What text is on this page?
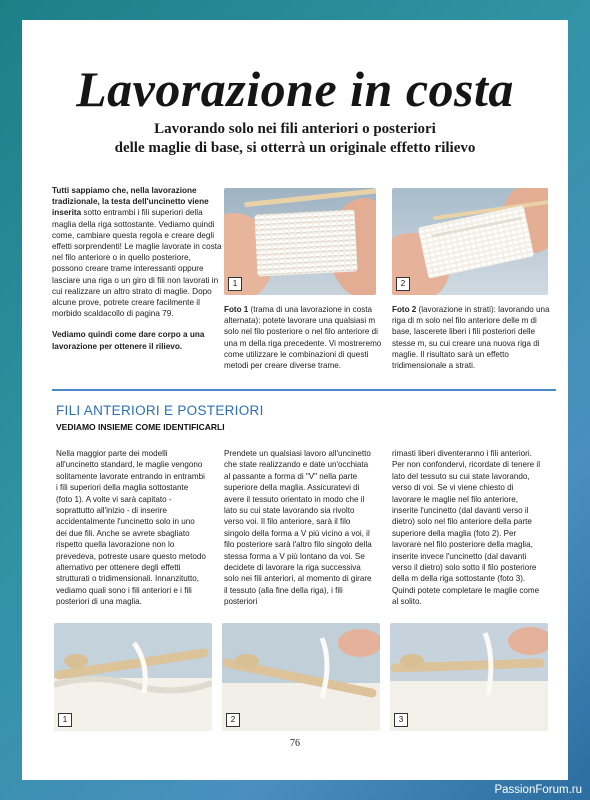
Lavorazione in costa
Lavorando solo nei fili anteriori o posteriori
delle maglie di base, si otterrà un originale effetto rilievo

Tutti sappiamo che, nella lavorazione tradizionale, la testa dell'uncinetto viene inserita sotto entrambi i fili superiori della maglia della riga sottostante. Vediamo quindi come, cambiare questa regola e creare degli effetti sorprendenti! Le maglie lavorate in costa nel filo anteriore o in quello posteriore, possono creare trame interessanti oppure lasciare una riga o un giro di fili non lavorati in cui realizzare un altro strato di maglie. Dopo alcune prove, potrete creare facilmente il morbido scaldacollo di pagina 79.

Vediamo quindi come dare corpo a una lavorazione per ottenere il rilievo.

1	2
Foto 1 (trama di una lavorazione in costa alternata): potete lavorare una qualsiasi m solo nel filo posteriore o nel filo anteriore di una m della riga precedente. Vi mostreremo come utilizzare le combinazioni di questi metodi per creare diverse trame.
Foto 2 (lavorazione in strati): lavorando una riga di m solo nel filo anteriore delle m di base, lascerete liberi i fili posteriori delle stesse m, su cui creare una nuova riga di maglie. Il risultato sarà un effetto tridimensionale a strati.
FILI ANTERIORI E POSTERIORI
VEDIAMO INSIEME COME IDENTIFICARLI

Nella maggior parte dei modelli all'uncinetto standard, le maglie vengono solitamente lavorate entrando in entrambi i fili superiori della maglia sottostante (foto 1). A volte vi sarà capitato - soprattutto all'inizio - di inserire accidentalmente l'uncinetto solo in uno dei due fili. Anche se avrete sbagliato rispetto quella lavorazione non lo prevedeva, potreste usare questo metodo alternativo per ottenere degli effetti strutturati o tridimensionali. Innanzitutto, vediamo quali sono i fili anteriori e i fili posteriori di una maglia.

Prendete un qualsiasi lavoro all'uncinetto che state realizzando e date un'occhiata al passante a forma di "V" nella parte superiore della maglia. Assicuratevi di avere il tessuto orientato in modo che il lato su cui state lavorando sia rivolto verso voi. Il filo anteriore, sarà il filo singolo della forma a V più vicino a voi, il filo posteriore sarà l'altro filo singolo della stessa forma a V più lontano da voi. Se decidete di lavorare la riga successiva solo nei fili anteriori, al momento di girare il tessuto (alla fine della riga), i fili posteriori

rimasti liberi diventeranno i fili anteriori. Per non confondervi, ricordate di tenere il lato del tessuto su cui state lavorando, verso di voi. Se vi viene chiesto di lavorare le maglie nel filo anteriore, inserite l'uncinetto (dal davanti verso il dietro) solo nel filo anteriore della parte superiore della maglia (foto 2). Per lavorare nel filo posteriore della maglia, inserite invece l'uncinetto (dal davanti verso il dietro) solo sotto il filo posteriore della m della riga sottostante (foto 3). Quindi potete completare le maglie come al solito.

1	2	3
76
PassionForum.ru
